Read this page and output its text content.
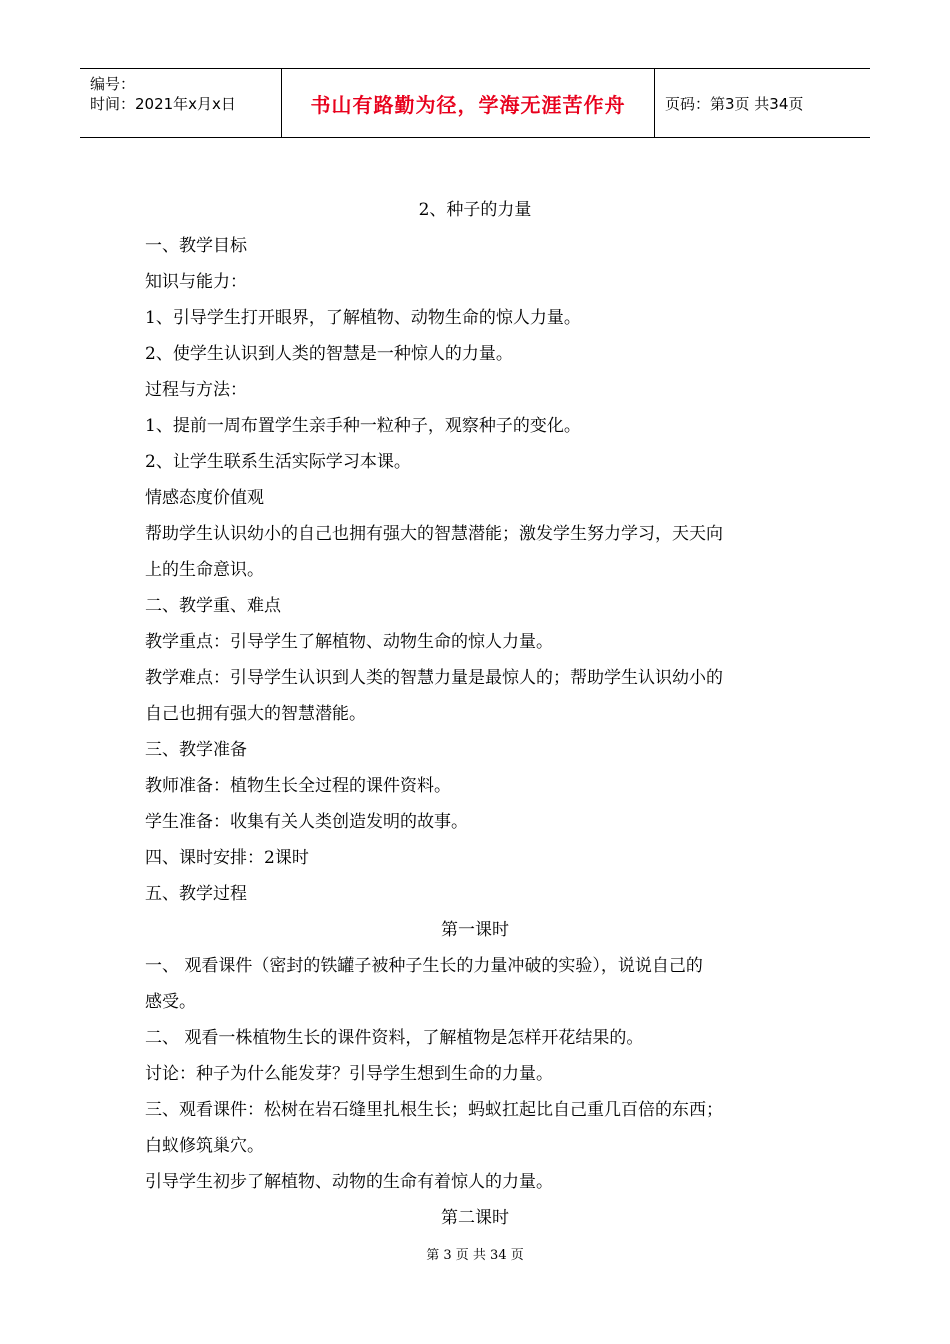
编号：
时间：2021年x月x日	书山有路勤为径，学海无涯苦作舟	页码：第3页 共34页
2、种子的力量
一、教学目标
知识与能力：
1、引导学生打开眼界，了解植物、动物生命的惊人力量。
2、使学生认识到人类的智慧是一种惊人的力量。
过程与方法：
1、提前一周布置学生亲手种一粒种子，观察种子的变化。
2、让学生联系生活实际学习本课。
情感态度价值观
帮助学生认识幼小的自己也拥有强大的智慧潜能；激发学生努力学习，天天向
上的生命意识。
二、教学重、难点
教学重点：引导学生了解植物、动物生命的惊人力量。
教学难点：引导学生认识到人类的智慧力量是最惊人的；帮助学生认识幼小的
自己也拥有强大的智慧潜能。
三、教学准备
教师准备：植物生长全过程的课件资料。
学生准备：收集有关人类创造发明的故事。
四、课时安排：2课时
五、教学过程
第一课时
一、 观看课件（密封的铁罐子被种子生长的力量冲破的实验），说说自己的
感受。
二、 观看一株植物生长的课件资料，了解植物是怎样开花结果的。
讨论：种子为什么能发芽？引导学生想到生命的力量。
三、观看课件：松树在岩石缝里扎根生长；蚂蚁扛起比自己重几百倍的东西；
白蚁修筑巢穴。
引导学生初步了解植物、动物的生命有着惊人的力量。
第二课时
第 3 页 共 34 页
